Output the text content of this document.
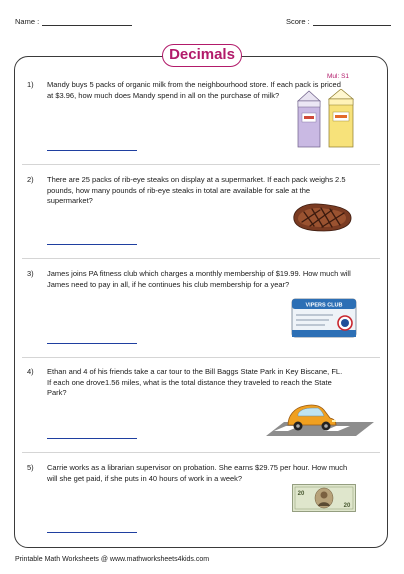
Name :	Score :
Decimals
Mul: S1
1) Mandy buys 5 packs of organic milk from the neighbourhood store. If each pack is priced at $3.96, how much does Mandy spend in all on the purchase of milk?
2) There are 25 packs of rib-eye steaks on display at a supermarket. If each pack weighs 2.5 pounds, how many pounds of rib-eye steaks in total are available for sale at the supermarket?
3) James joins PA fitness club which charges a monthly membership of $19.99. How much will James need to pay in all, if he continues his club membership for a year?
VIPERS CLUB
4) Ethan and 4 of his friends take a car tour to the Bill Baggs State Park in Key Biscane, FL. If each one drove1.56 miles, what is the total distance they traveled to reach the State Park?
5) Carrie works as a librarian supervisor on probation. She earns $29.75 per hour. How much will she get paid, if she puts in 40 hours of work in a week?
20
20
Printable Math Worksheets @ www.mathworksheets4kids.com
